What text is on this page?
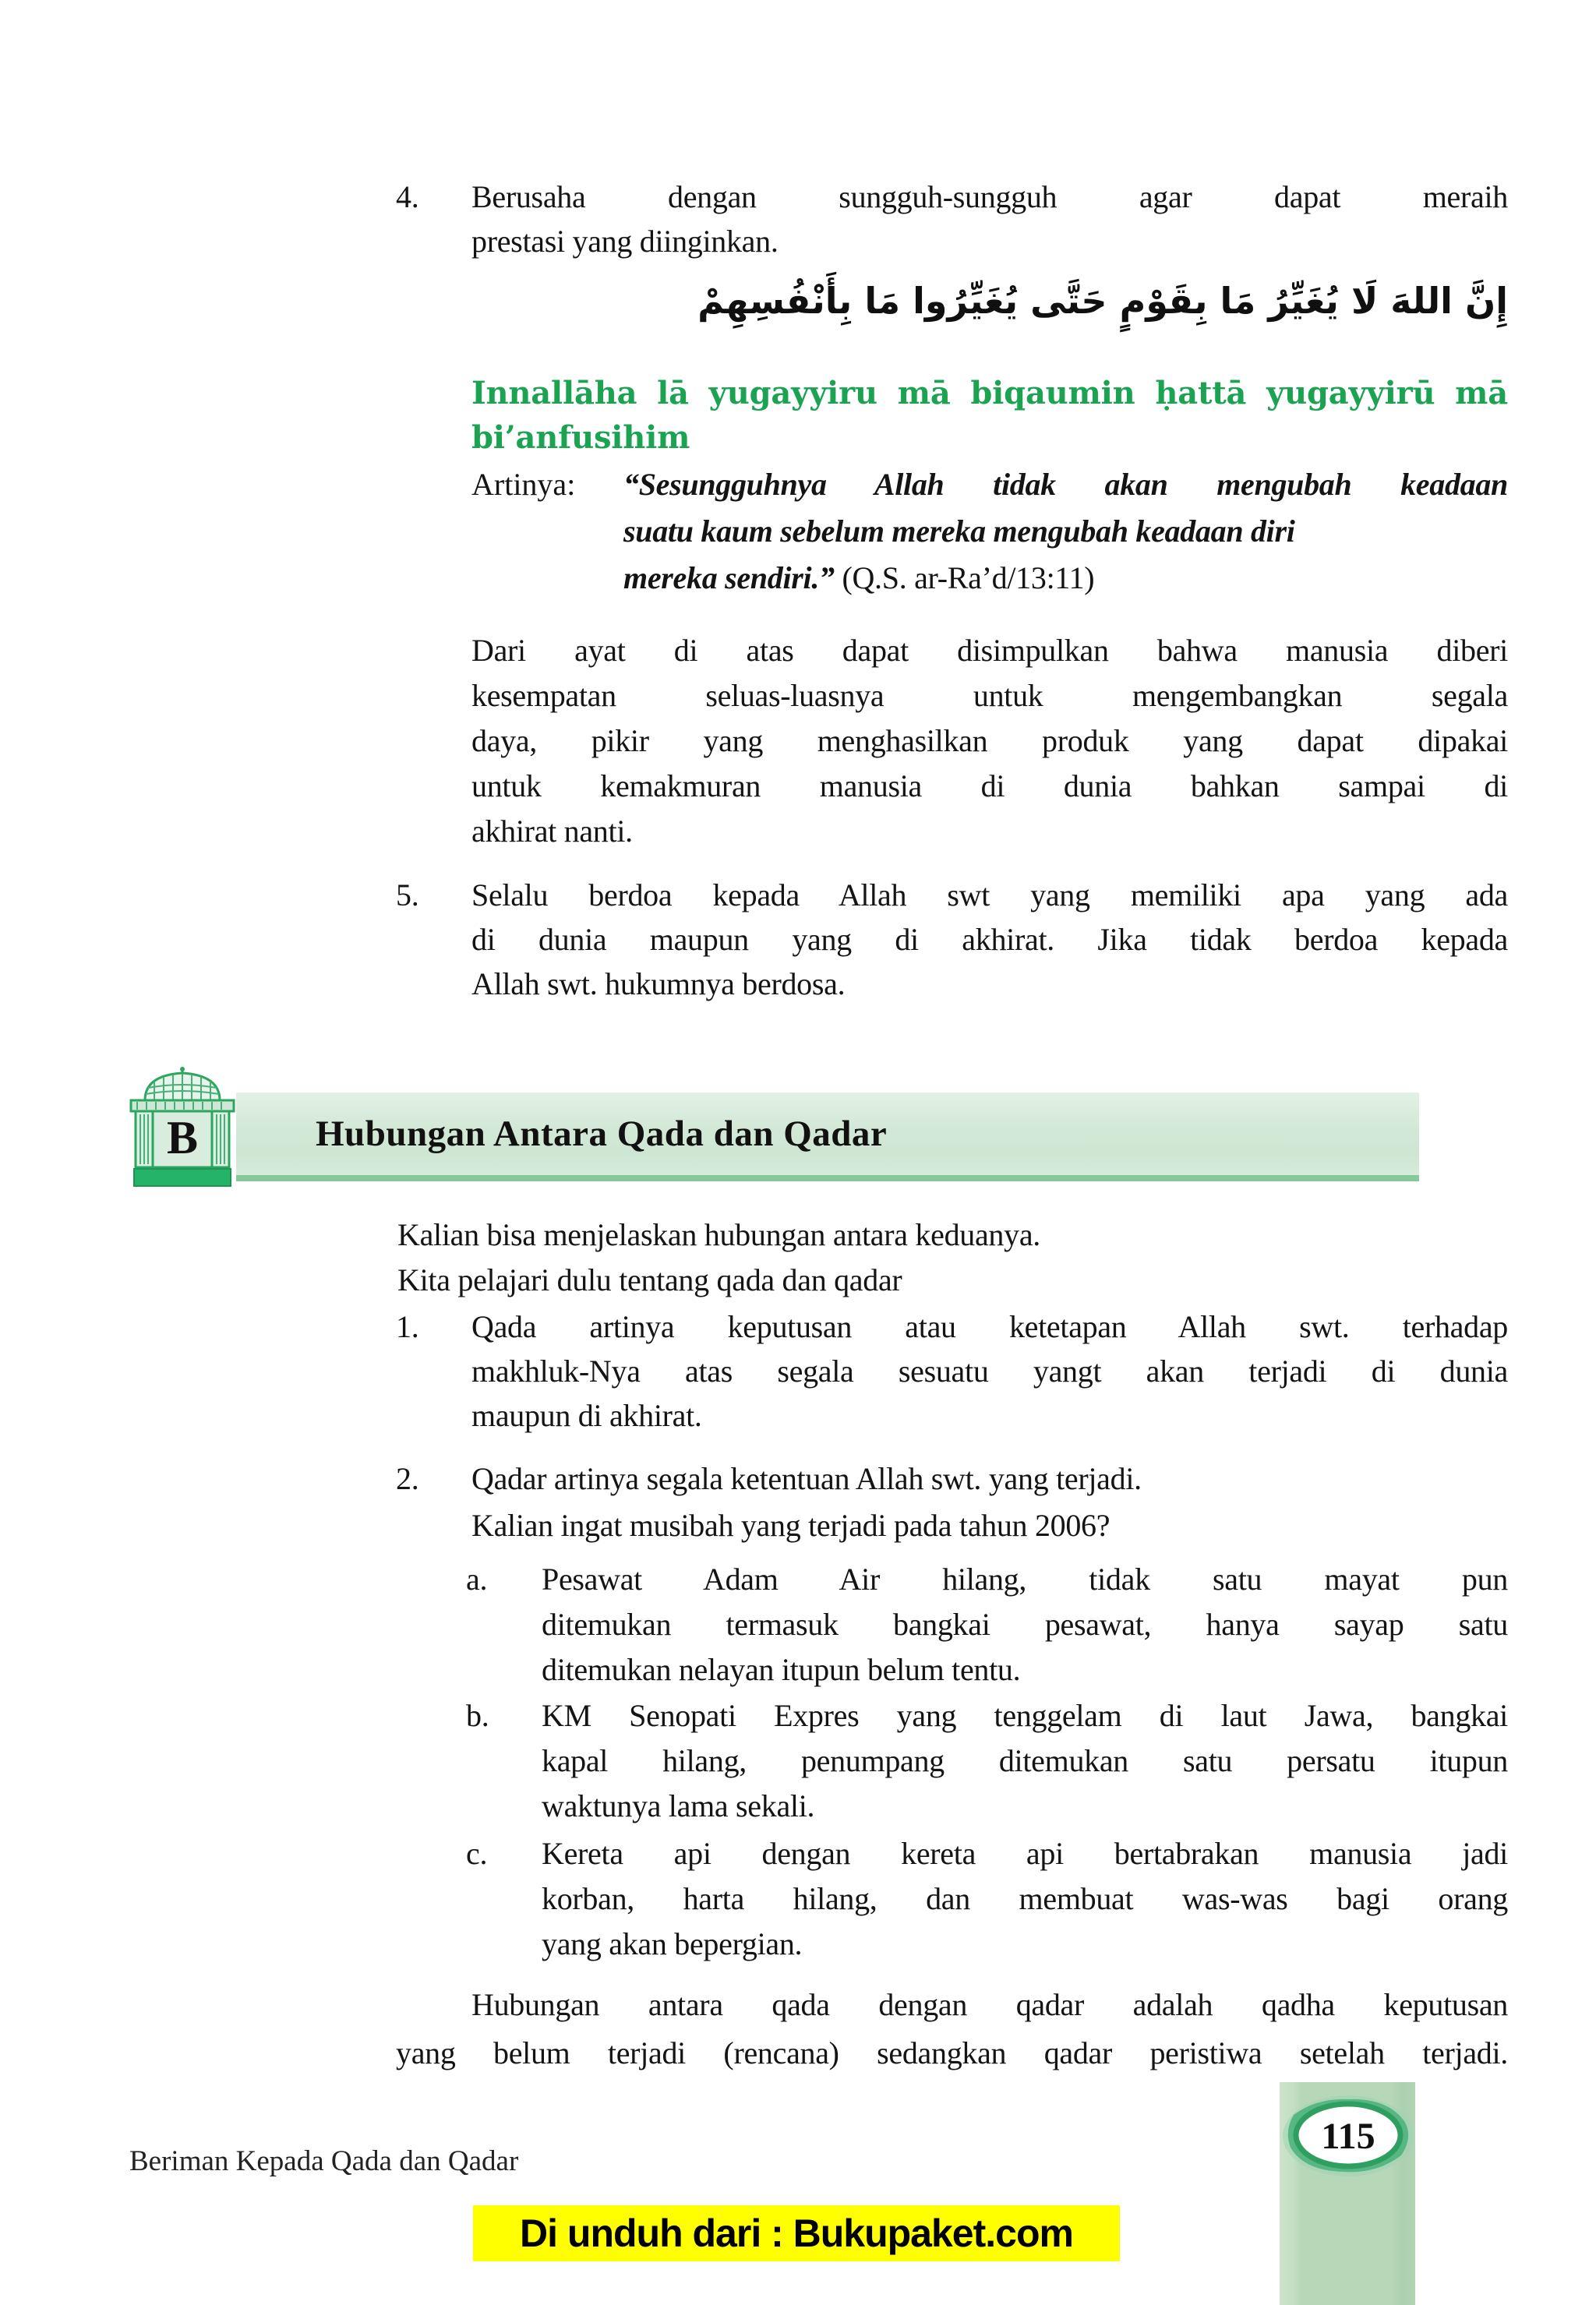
4. Berusaha dengan sungguh-sungguh agar dapat meraih
prestasi yang diinginkan.
إِنَّ اللهَ لَا يُغَيِّرُ مَا بِقَوْمٍ حَتَّى يُغَيِّرُوا مَا بِأَنْفُسِهِمْ
Innallāha lā yugayyiru mā biqaumin ḥattā yugayyirū mā
bi’anfusihim
Artinya: “Sesungguhnya Allah tidak akan mengubah keadaan
suatu kaum sebelum mereka mengubah keadaan diri
mereka sendiri.” (Q.S. ar-Ra’d/13:11)
Dari ayat di atas dapat disimpulkan bahwa manusia diberi
kesempatan seluas-luasnya untuk mengembangkan segala
daya, pikir yang menghasilkan produk yang dapat dipakai
untuk kemakmuran manusia di dunia bahkan sampai di
akhirat nanti.
5. Selalu berdoa kepada Allah swt yang memiliki apa yang ada
di dunia maupun yang di akhirat. Jika tidak berdoa kepada
Allah swt. hukumnya berdosa.
Hubungan Antara Qada dan Qadar
B
Kalian bisa menjelaskan hubungan antara keduanya.
Kita pelajari dulu tentang qada dan qadar
1. Qada artinya keputusan atau ketetapan Allah swt. terhadap
makhluk-Nya atas segala sesuatu yangt akan terjadi di dunia
maupun di akhirat.
2. Qadar artinya segala ketentuan Allah swt. yang terjadi.
Kalian ingat musibah yang terjadi pada tahun 2006?
a. Pesawat Adam Air hilang, tidak satu mayat pun
ditemukan termasuk bangkai pesawat, hanya sayap satu
ditemukan nelayan itupun belum tentu.
b. KM Senopati Expres yang tenggelam di laut Jawa, bangkai
kapal hilang, penumpang ditemukan satu persatu itupun
waktunya lama sekali.
c. Kereta api dengan kereta api bertabrakan manusia jadi
korban, harta hilang, dan membuat was-was bagi orang
yang akan bepergian.
Hubungan antara qada dengan qadar adalah qadha keputusan
yang belum terjadi (rencana) sedangkan qadar peristiwa setelah terjadi.
115
Beriman Kepada Qada dan Qadar
Di unduh dari : Bukupaket.com
